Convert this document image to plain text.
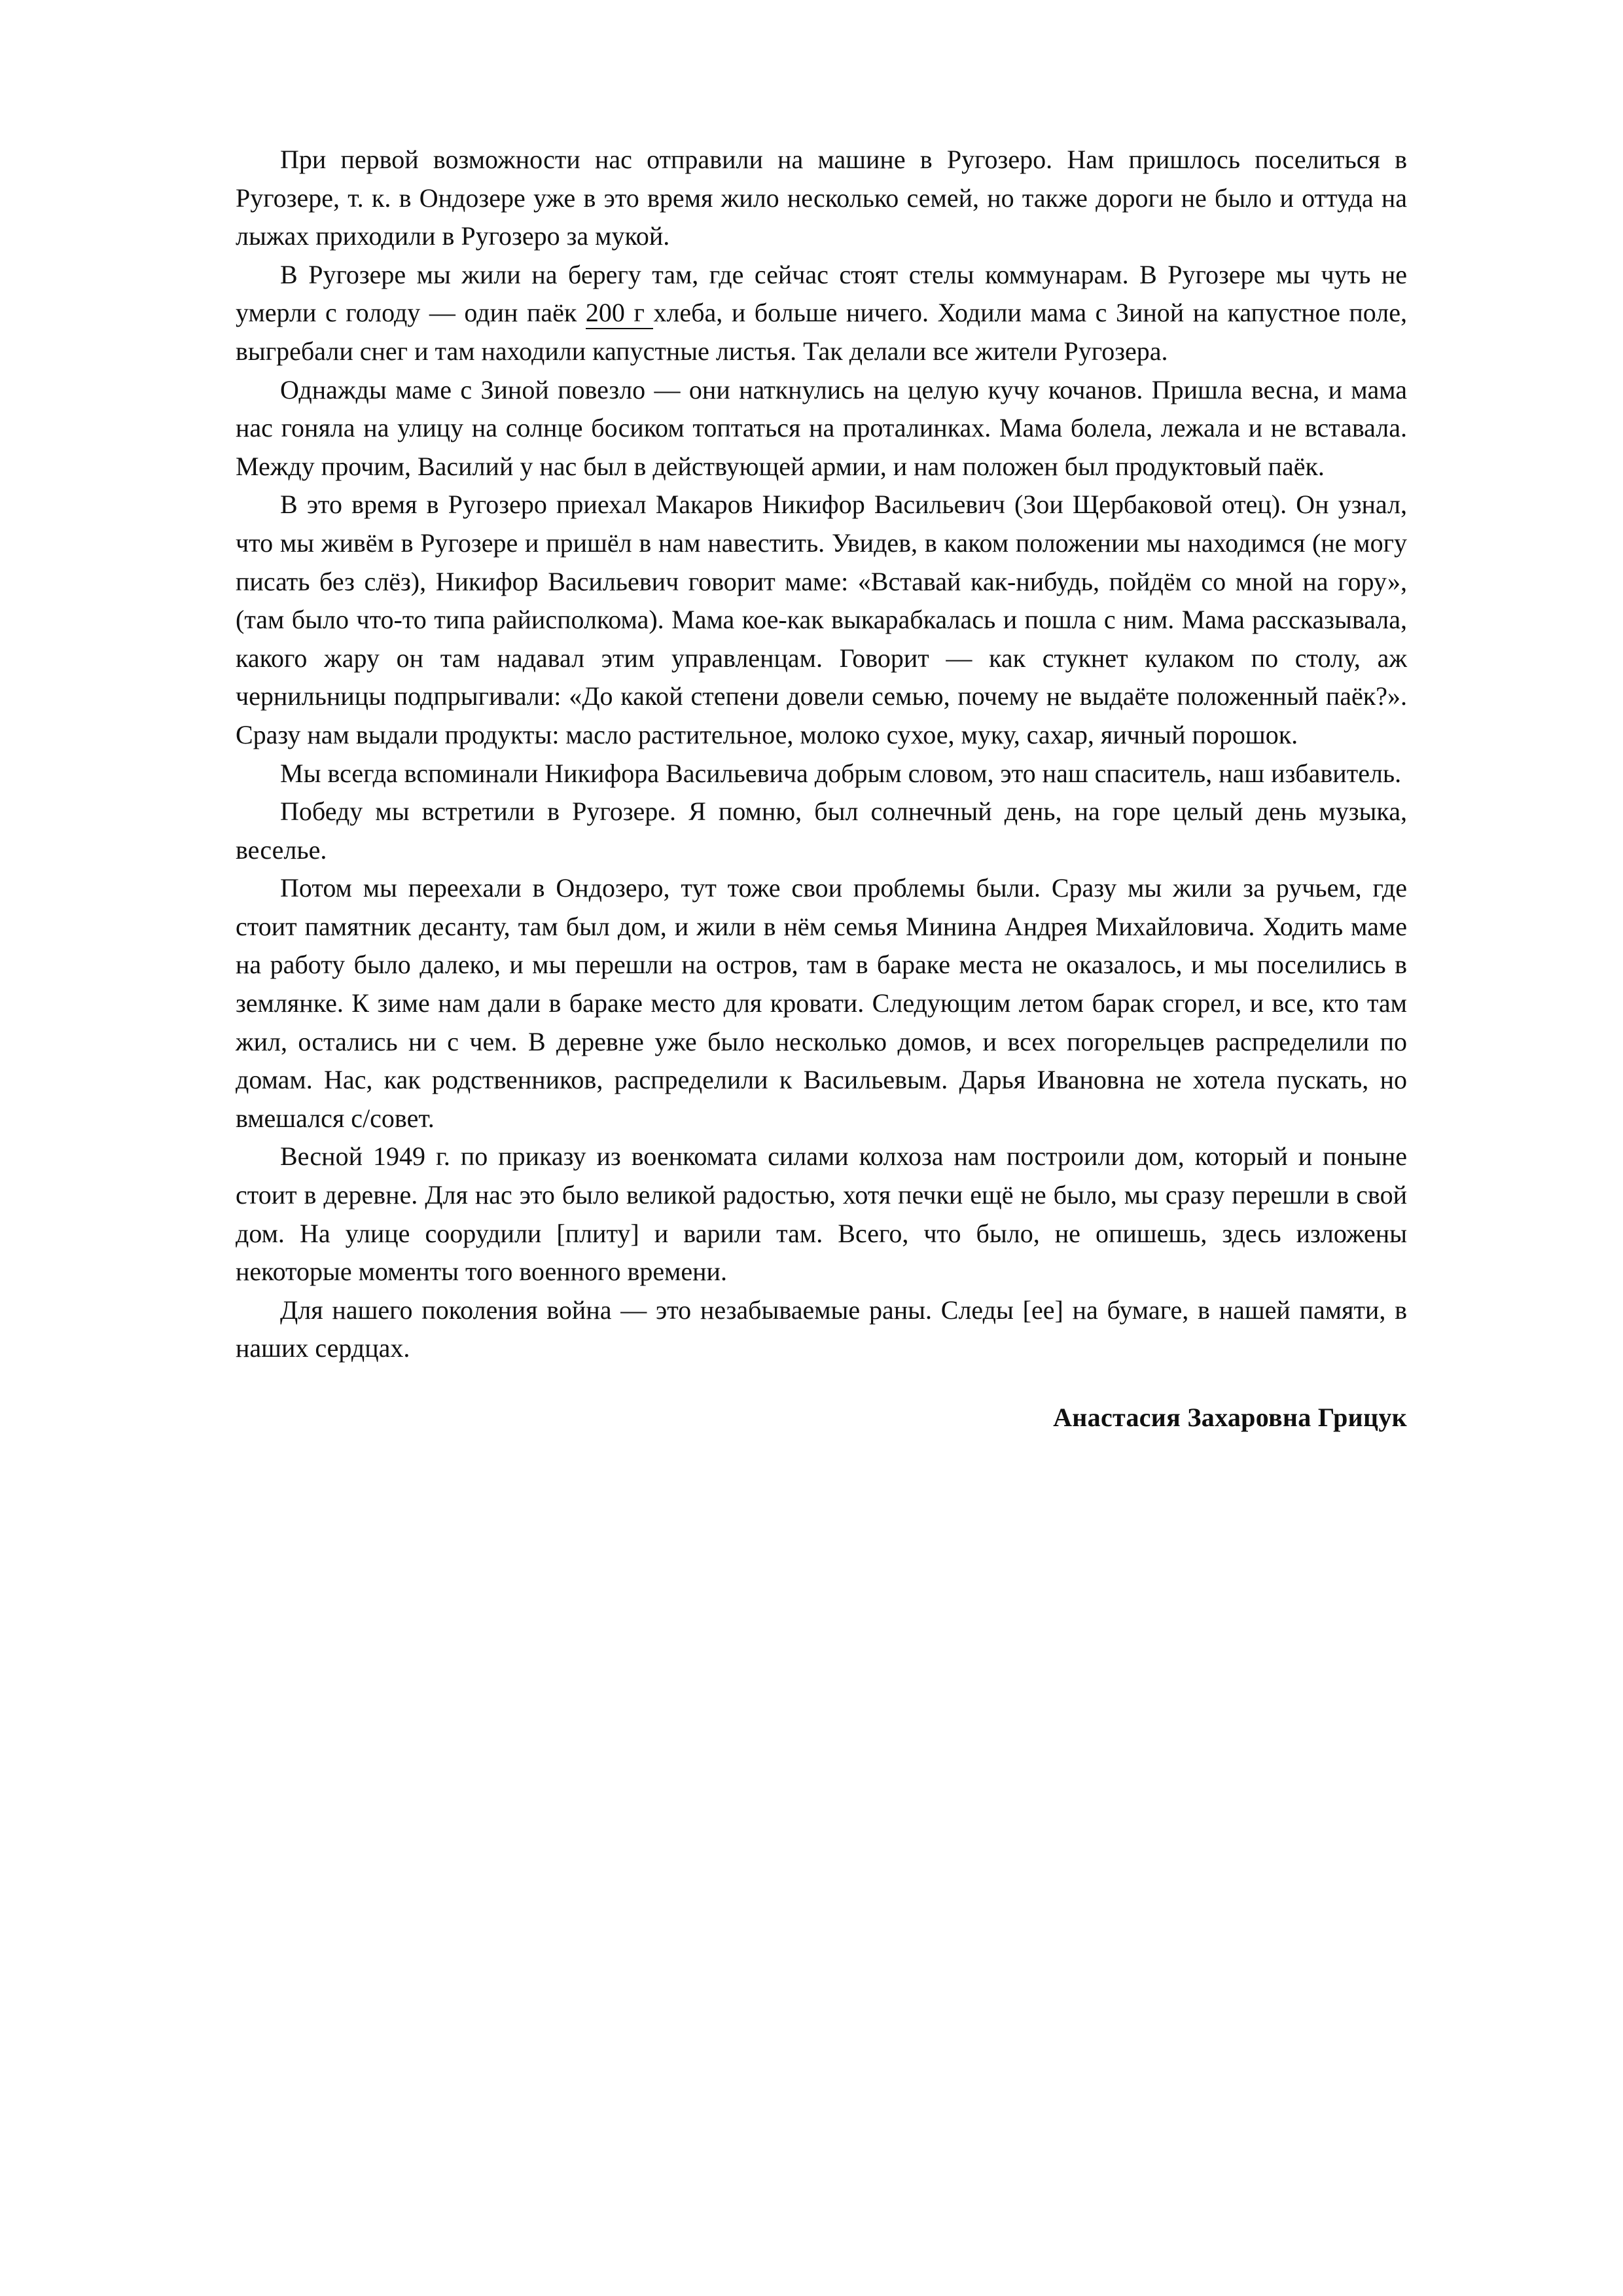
При первой возможности нас отправили на машине в Ругозеро. Нам пришлось поселиться в Ругозере, т. к. в Ондозере уже в это время жило несколько семей, но также дороги не было и оттуда на лыжах приходили в Ругозеро за мукой.

В Ругозере мы жили на берегу там, где сейчас стоят стелы коммунарам. В Ругозере мы чуть не умерли с голоду — один паёк 200 г хлеба, и больше ничего. Ходили мама с Зиной на капустное поле, выгребали снег и там находили капустные листья. Так делали все жители Ругозера.

Однажды маме с Зиной повезло — они наткнулись на целую кучу кочанов. Пришла весна, и мама нас гоняла на улицу на солнце босиком топтаться на проталинках. Мама болела, лежала и не вставала. Между прочим, Василий у нас был в действующей армии, и нам положен был продуктовый паёк.

В это время в Ругозеро приехал Макаров Никифор Васильевич (Зои Щербаковой отец). Он узнал, что мы живём в Ругозере и пришёл в нам навестить. Увидев, в каком положении мы находимся (не могу писать без слёз), Никифор Васильевич говорит маме: «Вставай как-нибудь, пойдём со мной на гору», (там было что-то типа райисполкома). Мама кое-как выкарабкалась и пошла с ним. Мама рассказывала, какого жару он там надавал этим управленцам. Говорит — как стукнет кулаком по столу, аж чернильницы подпрыгивали: «До какой степени довели семью, почему не выдаёте положенный паёк?». Сразу нам выдали продукты: масло растительное, молоко сухое, муку, сахар, яичный порошок.

Мы всегда вспоминали Никифора Васильевича добрым словом, это наш спаситель, наш избавитель.

Победу мы встретили в Ругозере. Я помню, был солнечный день, на горе целый день музыка, веселье.

Потом мы переехали в Ондозеро, тут тоже свои проблемы были. Сразу мы жили за ручьем, где стоит памятник десанту, там был дом, и жили в нём семья Минина Андрея Михайловича. Ходить маме на работу было далеко, и мы перешли на остров, там в бараке места не оказалось, и мы поселились в землянке. К зиме нам дали в бараке место для кровати. Следующим летом барак сгорел, и все, кто там жил, остались ни с чем. В деревне уже было несколько домов, и всех погорельцев распределили по домам. Нас, как родственников, распределили к Васильевым. Дарья Ивановна не хотела пускать, но вмешался с/совет.

Весной 1949 г. по приказу из военкомата силами колхоза нам построили дом, который и поныне стоит в деревне. Для нас это было великой радостью, хотя печки ещё не было, мы сразу перешли в свой дом. На улице соорудили [плиту] и варили там. Всего, что было, не опишешь, здесь изложены некоторые моменты того военного времени.

Для нашего поколения война — это незабываемые раны. Следы [ее] на бумаге, в нашей памяти, в наших сердцах.

Анастасия Захаровна Грицук
